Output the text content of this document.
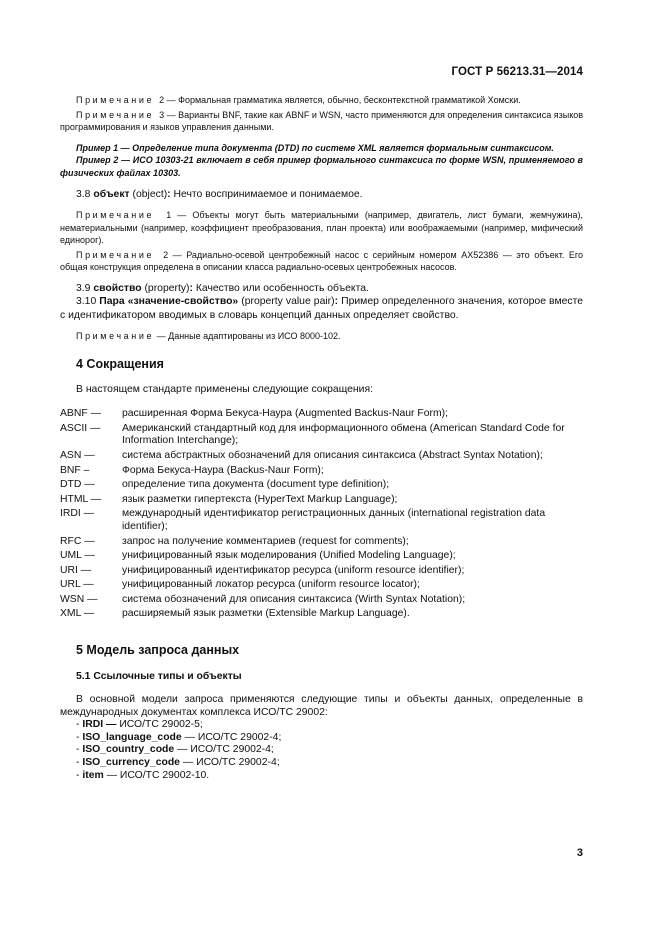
ГОСТ Р 56213.31—2014

Примечание 2 — Формальная грамматика является, обычно, бесконтекстной грамматикой Хомски.

Примечание 3 — Варианты BNF, такие как ABNF и WSN, часто применяются для определения синтаксиса языков программирования и языков управления данными.

Пример 1 — Определение типа документа (DTD) по системе XML является формальным синтаксисом.

Пример 2 — ИСО 10303-21 включает в себя пример формального синтаксиса по форме WSN, применяемого в физических файлах 10303.

3.8 объект (object): Нечто воспринимаемое и понимаемое.

Примечание 1 — Объекты могут быть материальными (например, двигатель, лист бумаги, жемчужина), нематериальными (например, коэффициент преобразования, план проекта) или воображаемыми (например, мифический единорог).

Примечание 2 — Радиально-осевой центробежный насос с серийным номером AX52386 — это объект. Его общая конструкция определена в описании класса радиально-осевых центробежных насосов.

3.9 свойство (property): Качество или особенность объекта.

3.10 Пара «значение-свойство» (property value pair): Пример определенного значения, которое вместе с идентификатором вводимых в словарь концепций данных определяет свойство.

Примечание — Данные адаптированы из ИСО 8000-102.

4 Сокращения

В настоящем стандарте применены следующие сокращения:

ABNF —	расширенная Форма Бекуса-Наура (Augmented Backus-Naur Form);
ASCII —	Американский стандартный код для информационного обмена (American Standard Code for Information Interchange);
ASN —	система абстрактных обозначений для описания синтаксиса (Abstract Syntax Notation);
BNF –	Форма Бекуса-Наура (Backus-Naur Form);
DTD —	определение типа документа (document type definition);
HTML —	язык разметки гипертекста (HyperText Markup Language);
IRDI —	международный идентификатор регистрационных данных (international registration data identifier);
RFC —	запрос на получение комментариев (request for comments);
UML —	унифицированный язык моделирования (Unified Modeling Language);
URI —	унифицированный идентификатор ресурса (uniform resource identifier);
URL —	унифицированный локатор ресурса (uniform resource locator);
WSN —	система обозначений для описания синтаксиса (Wirth Syntax Notation);
XML —	расширяемый язык разметки (Extensible Markup Language).
5 Модель запроса данных
5.1 Ссылочные типы и объекты

В основной модели запроса применяются следующие типы и объекты данных, определенные в международных документах комплекса ИСО/ТС 29002:

- IRDI — ИСО/ТС 29002-5;
- ISO_language_code — ИСО/ТС 29002-4;
- ISO_country_code — ИСО/ТС 29002-4;
- ISO_currency_code — ИСО/ТС 29002-4;
- item — ИСО/ТС 29002-10.
3
